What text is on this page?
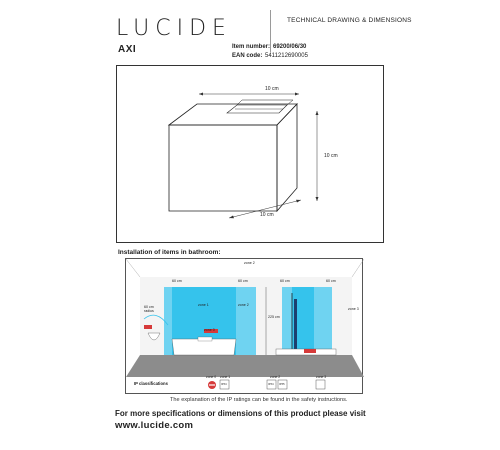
LUCIDE	TECHNICAL DRAWING & DIMENSIONS
AXI	Item number: 69200/06/30
EAN code: 5411212690005
10 cm
10 cm
10 cm
Installation of items in bathroom:
zone 2
zone 1	zone 2
zone 0
zone 3
60 cm	60 cm	60 cm	60 cm
225 cm
60 cm radius
IP classifications
zone 0 zone 1	zone 2	zone 3
IPX4	IPX4 IPX5
The explanation of the IP ratings can be found in the safety instructions.
For more specifications or dimensions of this product please visit
www.lucide.com
